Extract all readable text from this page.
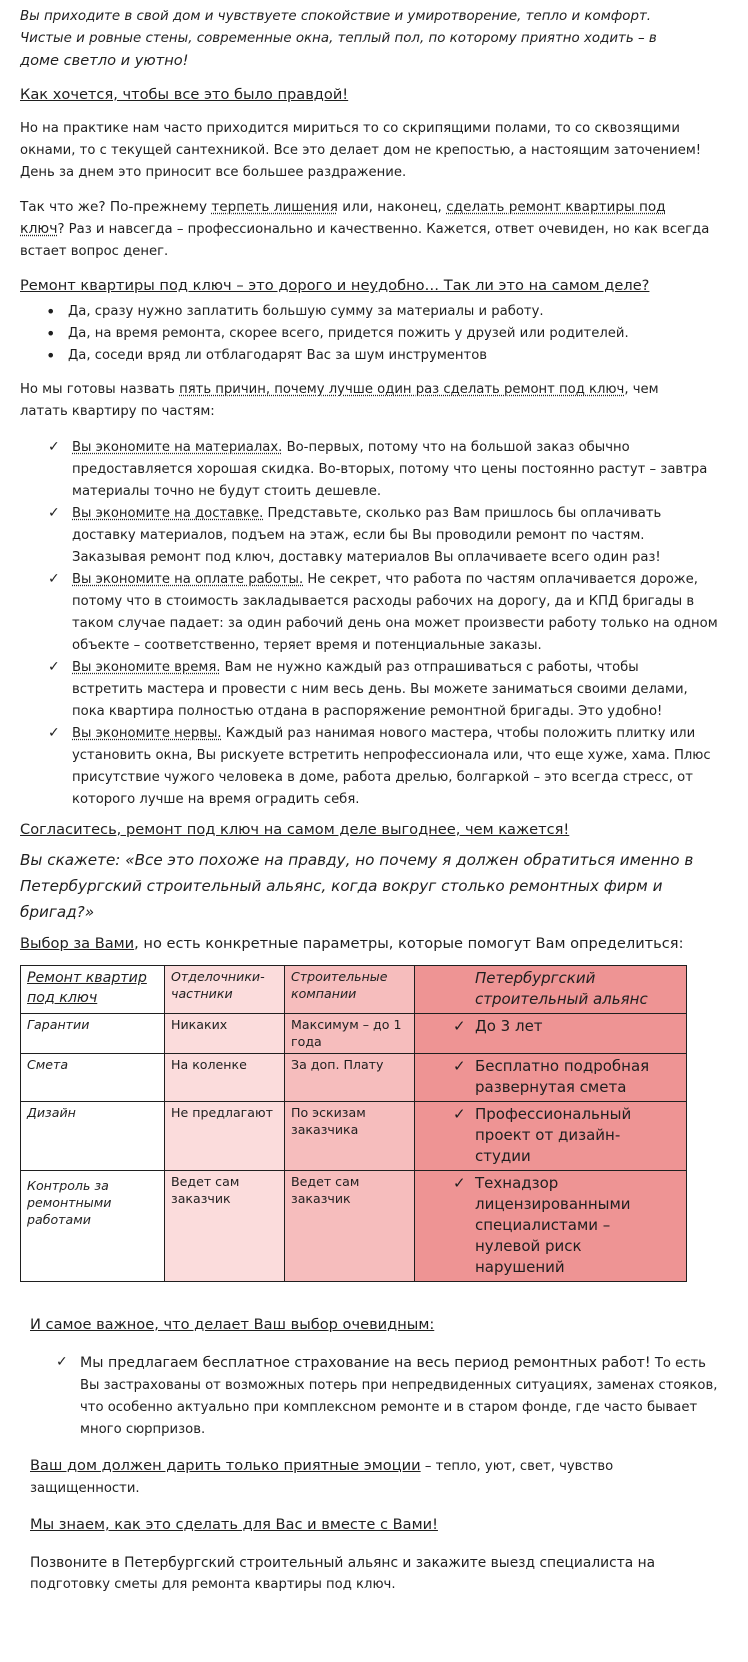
Вы приходите в свой дом и чувствуете спокойствие и умиротворение, тепло и комфорт.

Чистые и ровные стены, современные окна, теплый пол, по которому приятно ходить – в

доме светло и уютно!

Как хочется, чтобы все это было правдой!

Но на практике нам часто приходится мириться то со скрипящими полами, то со сквозящими

окнами, то с текущей сантехникой. Все это делает дом не крепостью, а настоящим заточением!

День за днем это приносит все большее раздражение.

Так что же? По-прежнему терпеть лишения или, наконец, сделать ремонт квартиры под

ключ? Раз и навсегда – профессионально и качественно. Кажется, ответ очевиден, но как всегда

встает вопрос денег.

Ремонт квартиры под ключ – это дорого и неудобно… Так ли это на самом деле?

• Да, сразу нужно заплатить большую сумму за материалы и работу.
• Да, на время ремонта, скорее всего, придется пожить у друзей или родителей.
• Да, соседи вряд ли отблагодарят Вас за шум инструментов

Но мы готовы назвать пять причин, почему лучше один раз сделать ремонт под ключ, чем

латать квартиру по частям:

✓ Вы экономите на материалах. Во-первых, потому что на большой заказ обычно
предоставляется хорошая скидка. Во-вторых, потому что цены постоянно растут – завтра
материалы точно не будут стоить дешевле.
✓ Вы экономите на доставке. Представьте, сколько раз Вам пришлось бы оплачивать
доставку материалов, подъем на этаж, если бы Вы проводили ремонт по частям.
Заказывая ремонт под ключ, доставку материалов Вы оплачиваете всего один раз!
✓ Вы экономите на оплате работы. Не секрет, что работа по частям оплачивается дороже,
потому что в стоимость закладывается расходы рабочих на дорогу, да и КПД бригады в
таком случае падает: за один рабочий день она может произвести работу только на одном
объекте – соответственно, теряет время и потенциальные заказы.
✓ Вы экономите время. Вам не нужно каждый раз отпрашиваться с работы, чтобы
встретить мастера и провести с ним весь день. Вы можете заниматься своими делами,
пока квартира полностью отдана в распоряжение ремонтной бригады. Это удобно!
✓ Вы экономите нервы. Каждый раз нанимая нового мастера, чтобы положить плитку или
установить окна, Вы рискуете встретить непрофессионала или, что еще хуже, хама. Плюс
присутствие чужого человека в доме, работа дрелью, болгаркой – это всегда стресс, от
которого лучше на время оградить себя.

Согласитесь, ремонт под ключ на самом деле выгоднее, чем кажется!

Вы скажете: «Все это похоже на правду, но почему я должен обратиться именно в

Петербургский строительный альянс, когда вокруг столько ремонтных фирм и

бригад?»

Выбор за Вами, но есть конкретные параметры, которые помогут Вам определиться:

Ремонт квартир под ключ	Отделочники-частники	Строительные компании	Петербургский строительный альянс
Гарантии	Никаких	Максимум – до 1 года	✓ До 3 лет
Смета	На коленке	За доп. Плату	✓ Бесплатно подробная развернутая смета
Дизайн	Не предлагают	По эскизам заказчика	✓ Профессиональный проект от дизайн-студии
Контроль за ремонтными работами	Ведет сам заказчик	Ведет сам заказчик	✓ Технадзор лицензированными специалистами – нулевой риск нарушений

И самое важное, что делает Ваш выбор очевидным:

✓ Мы предлагаем бесплатное страхование на весь период ремонтных работ! То есть
Вы застрахованы от возможных потерь при непредвиденных ситуациях, заменах стояков,
что особенно актуально при комплексном ремонте и в старом фонде, где часто бывает
много сюрпризов.

Ваш дом должен дарить только приятные эмоции – тепло, уют, свет, чувство защищенности.

Мы знаем, как это сделать для Вас и вместе с Вами!

Позвоните в Петербургский строительный альянс и закажите выезд специалиста на

подготовку сметы для ремонта квартиры под ключ.
